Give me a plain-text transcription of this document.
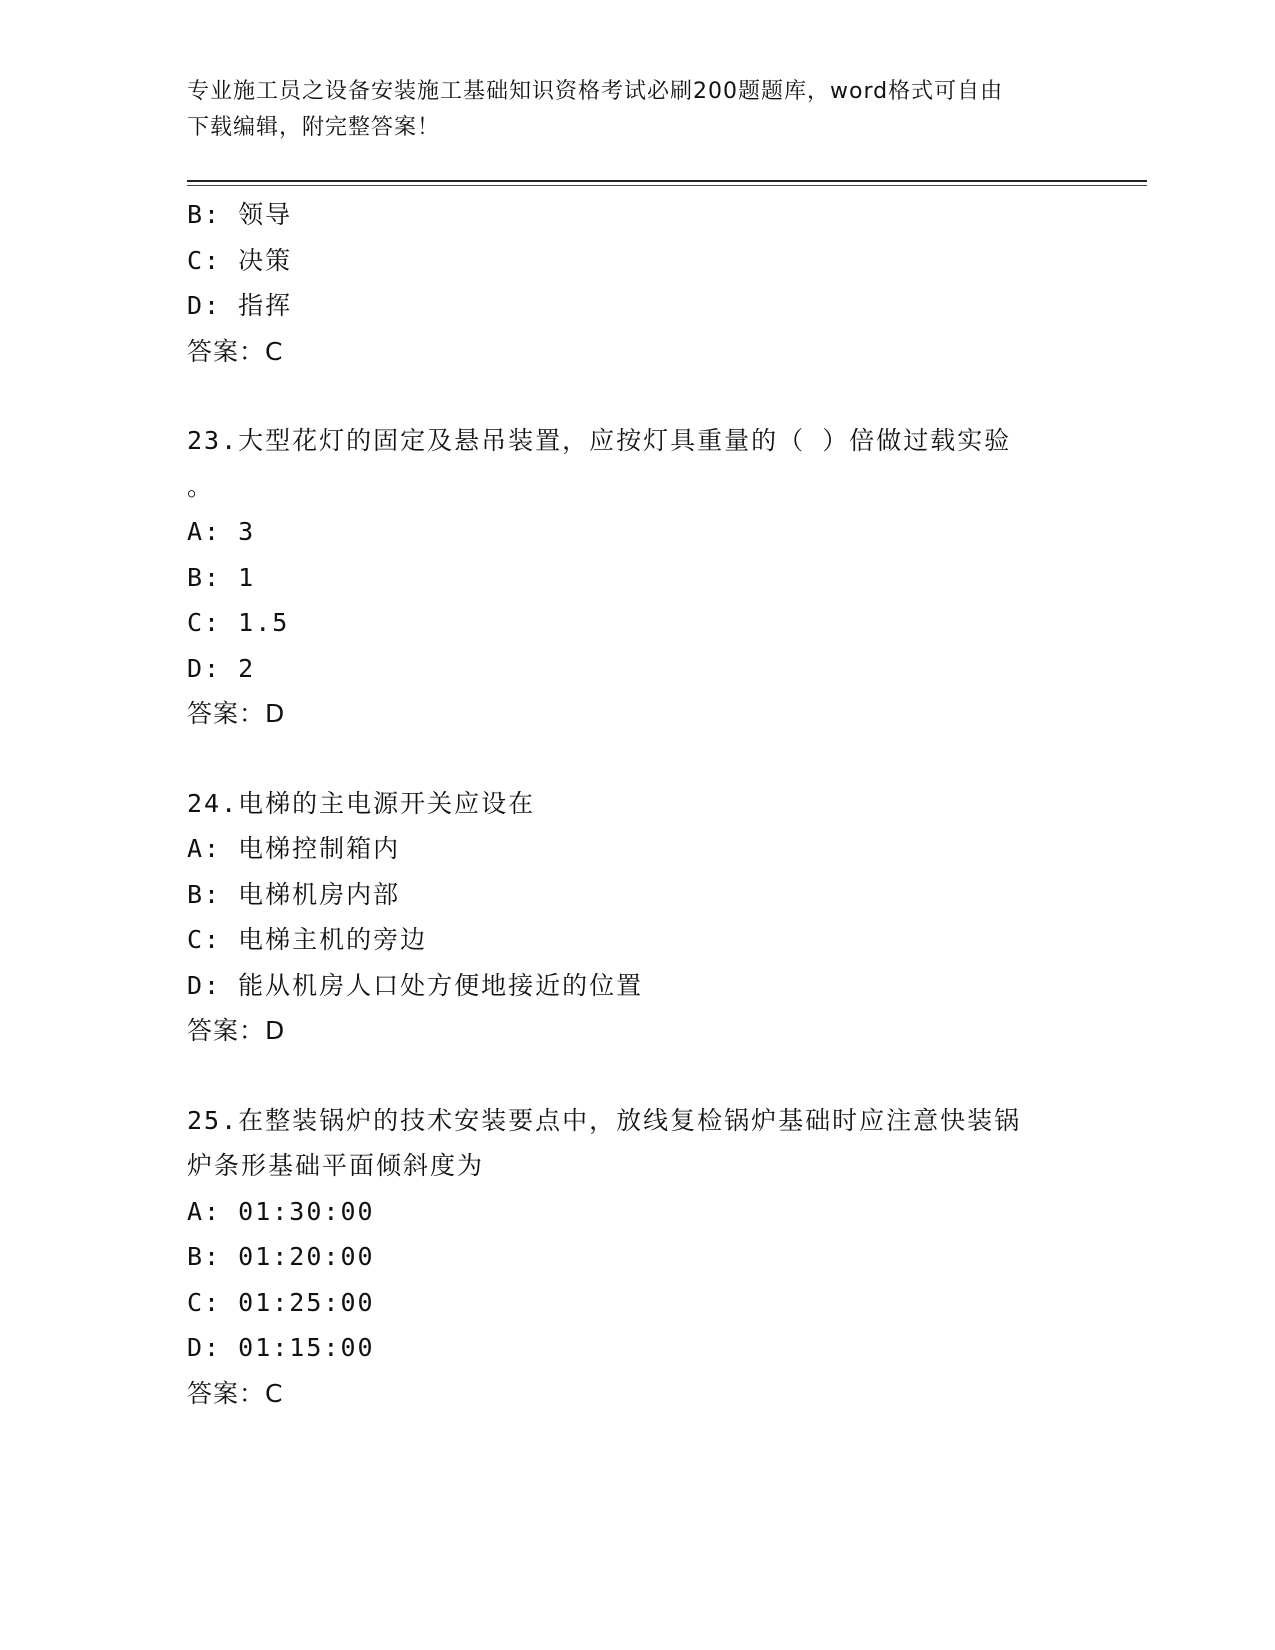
专业施工员之设备安装施工基础知识资格考试必刷200题题库，word格式可自由
下载编辑，附完整答案！
B: 领导
C: 决策
D: 指挥
答案：C
23.大型花灯的固定及悬吊装置，应按灯具重量的（ ）倍做过载实验
。
A: 3
B: 1
C: 1.5
D: 2
答案：D
24.电梯的主电源开关应设在
A: 电梯控制箱内
B: 电梯机房内部
C: 电梯主机的旁边
D: 能从机房人口处方便地接近的位置
答案：D
25.在整装锅炉的技术安装要点中，放线复检锅炉基础时应注意快装锅
炉条形基础平面倾斜度为
A: 01:30:00
B: 01:20:00
C: 01:25:00
D: 01:15:00
答案：C
